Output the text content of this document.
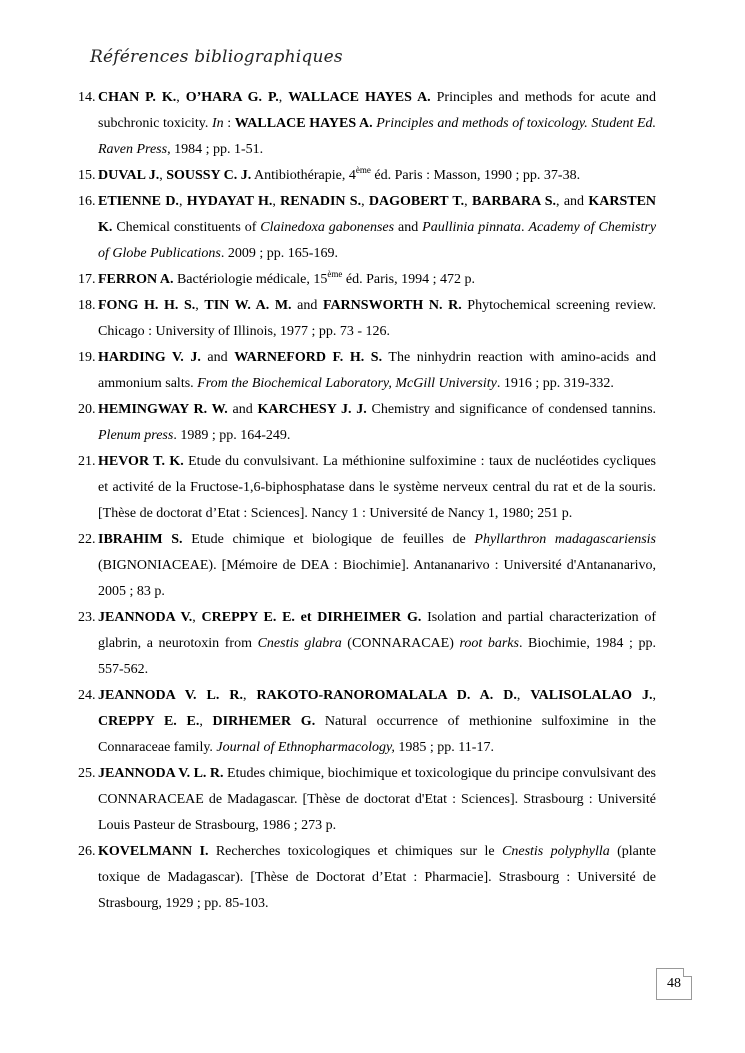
Références bibliographiques
14. CHAN P. K., O’HARA G. P., WALLACE HAYES A. Principles and methods for acute and subchronic toxicity. In : WALLACE HAYES A. Principles and methods of toxicology. Student Ed. Raven Press, 1984 ; pp. 1-51.
15. DUVAL J., SOUSSY C. J. Antibiothérapie, 4ème éd. Paris : Masson, 1990 ; pp. 37-38.
16. ETIENNE D., HYDAYAT H., RENADIN S., DAGOBERT T., BARBARA S., and KARSTEN K. Chemical constituents of Clainedoxa gabonenses and Paullinia pinnata. Academy of Chemistry of Globe Publications. 2009 ; pp. 165-169.
17. FERRON A. Bactériologie médicale, 15ème éd. Paris, 1994 ; 472 p.
18. FONG H. H. S., TIN W. A. M. and FARNSWORTH N. R. Phytochemical screening review. Chicago : University of Illinois, 1977 ; pp. 73 - 126.
19. HARDING V. J. and WARNEFORD F. H. S. The ninhydrin reaction with amino-acids and ammonium salts. From the Biochemical Laboratory, McGill University. 1916 ; pp. 319-332.
20. HEMINGWAY R. W. and KARCHESY J. J. Chemistry and significance of condensed tannins. Plenum press. 1989 ; pp. 164-249.
21. HEVOR T. K. Etude du convulsivant. La méthionine sulfoximine : taux de nucléotides cycliques et activité de la Fructose-1,6-biphosphatase dans le système nerveux central du rat et de la souris. [Thèse de doctorat d’Etat : Sciences]. Nancy 1 : Université de Nancy 1, 1980; 251 p.
22. IBRAHIM S. Etude chimique et biologique de feuilles de Phyllarthron madagascariensis (BIGNONIACEAE). [Mémoire de DEA : Biochimie]. Antananarivo : Université d'Antananarivo, 2005 ; 83 p.
23. JEANNODA V., CREPPY E. E. et DIRHEIMER G. Isolation and partial characterization of glabrin, a neurotoxin from Cnestis glabra (CONNARACAE) root barks. Biochimie, 1984 ; pp. 557-562.
24. JEANNODA V. L. R., RAKOTO-RANOROMALALA D. A. D., VALISOLALAO J., CREPPY E. E., DIRHEMER G. Natural occurrence of methionine sulfoximine in the Connaraceae family. Journal of Ethnopharmacology, 1985 ; pp. 11-17.
25. JEANNODA V. L. R. Etudes chimique, biochimique et toxicologique du principe convulsivant des CONNARACEAE de Madagascar. [Thèse de doctorat d'Etat : Sciences]. Strasbourg : Université Louis Pasteur de Strasbourg, 1986 ; 273 p.
26. KOVELMANN I. Recherches toxicologiques et chimiques sur le Cnestis polyphylla (plante toxique de Madagascar). [Thèse de Doctorat d’Etat : Pharmacie]. Strasbourg : Université de Strasbourg, 1929 ; pp. 85-103.
48
